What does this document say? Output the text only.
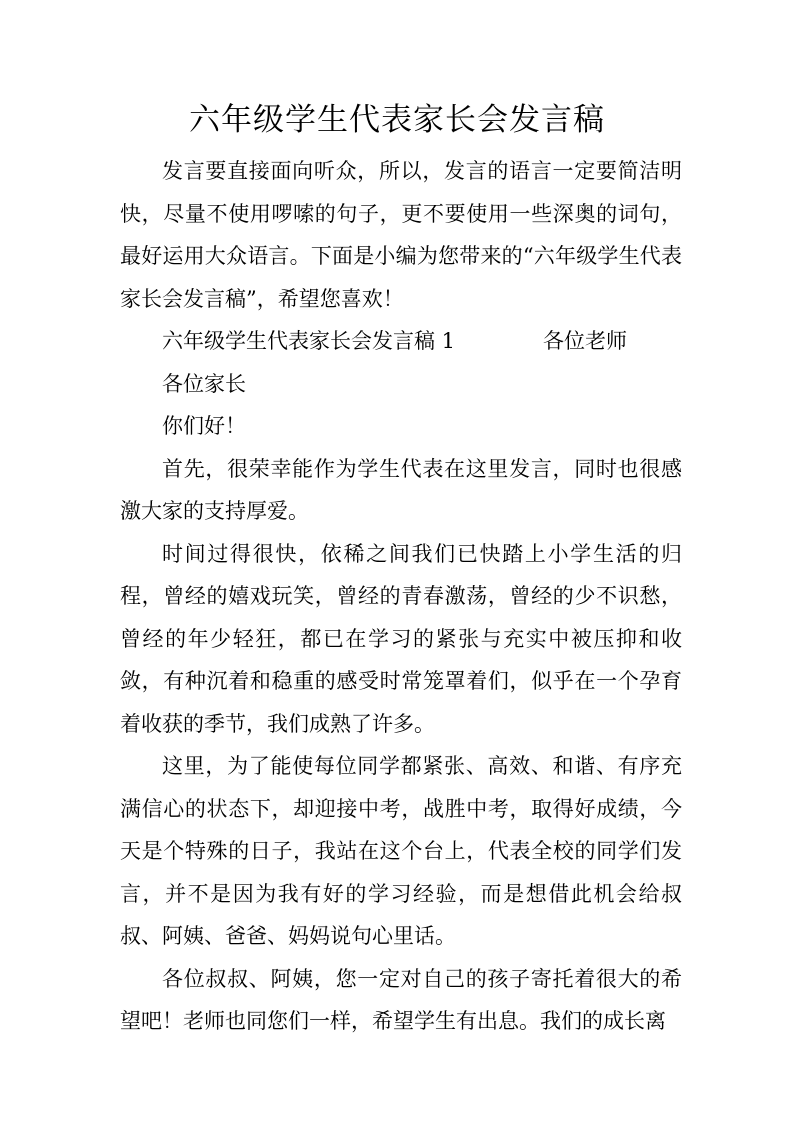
六年级学生代表家长会发言稿

发言要直接面向听众，所以，发言的语言一定要简洁明快，尽量不使用啰嗦的句子，更不要使用一些深奥的词句，最好运用大众语言。下面是小编为您带来的“六年级学生代表家长会发言稿”，希望您喜欢！

六年级学生代表家长会发言稿 1	各位老师

各位家长

你们好！

首先，很荣幸能作为学生代表在这里发言，同时也很感激大家的支持厚爱。

时间过得很快，依稀之间我们已快踏上小学生活的归程，曾经的嬉戏玩笑，曾经的青春激荡，曾经的少不识愁，曾经的年少轻狂，都已在学习的紧张与充实中被压抑和收敛，有种沉着和稳重的感受时常笼罩着们，似乎在一个孕育着收获的季节，我们成熟了许多。

这里，为了能使每位同学都紧张、高效、和谐、有序充满信心的状态下，却迎接中考，战胜中考，取得好成绩，今天是个特殊的日子，我站在这个台上，代表全校的同学们发言，并不是因为我有好的学习经验，而是想借此机会给叔叔、阿姨、爸爸、妈妈说句心里话。

各位叔叔、阿姨，您一定对自己的孩子寄托着很大的希望吧！老师也同您们一样，希望学生有出息。我们的成长离
